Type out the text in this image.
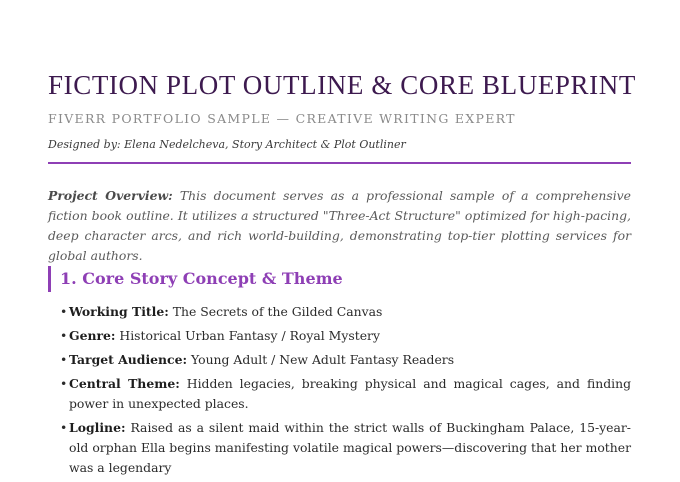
FICTION PLOT OUTLINE & CORE BLUEPRINT

FIVERR PORTFOLIO SAMPLE — CREATIVE WRITING EXPERT

Designed by: Elena Nedelcheva, Story Architect & Plot Outliner

Project Overview: This document serves as a professional sample of a comprehensive fiction book outline. It utilizes a structured "Three-Act Structure" optimized for high-pacing, deep character arcs, and rich world-building, demonstrating top-tier plotting services for global authors.

1. Core Story Concept & Theme
• Working Title: The Secrets of the Gilded Canvas
• Genre: Historical Urban Fantasy / Royal Mystery
• Target Audience: Young Adult / New Adult Fantasy Readers
• Central Theme: Hidden legacies, breaking physical and magical cages, and finding power in unexpected places.
• Logline: Raised as a silent maid within the strict walls of Buckingham Palace, 15-year-old orphan Ella begins manifesting volatile magical powers—discovering that her mother was a legendary
